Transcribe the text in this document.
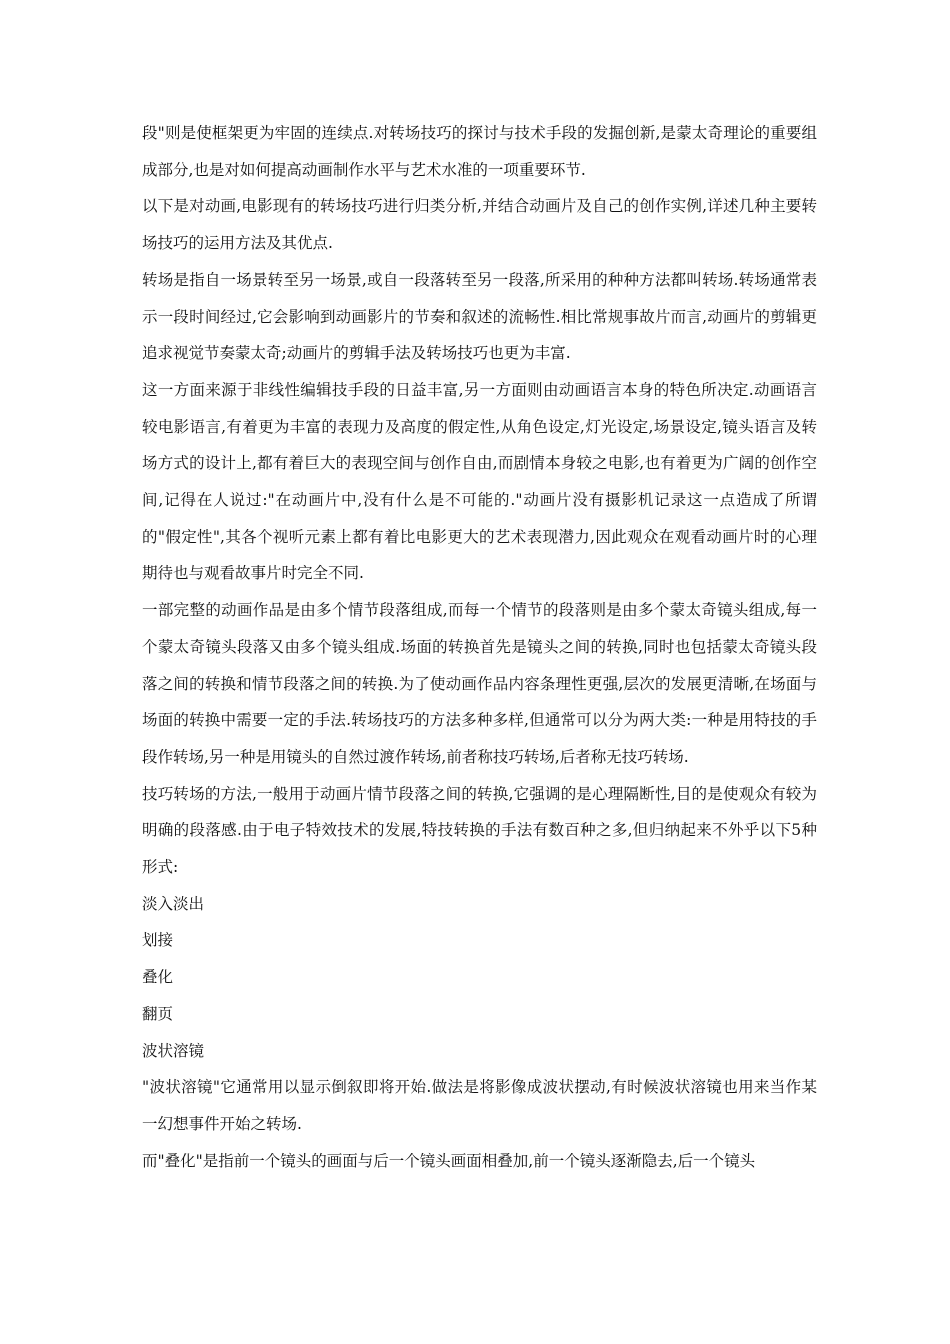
段"则是使框架更为牢固的连续点.对转场技巧的探讨与技术手段的发掘创新,是蒙太奇理论的重要组成部分,也是对如何提高动画制作水平与艺术水准的一项重要环节.

以下是对动画,电影现有的转场技巧进行归类分析,并结合动画片及自己的创作实例,详述几种主要转场技巧的运用方法及其优点.

转场是指自一场景转至另一场景,或自一段落转至另一段落,所采用的种种方法都叫转场.转场通常表示一段时间经过,它会影响到动画影片的节奏和叙述的流畅性.相比常规事故片而言,动画片的剪辑更追求视觉节奏蒙太奇;动画片的剪辑手法及转场技巧也更为丰富.

这一方面来源于非线性编辑技手段的日益丰富,另一方面则由动画语言本身的特色所决定.动画语言较电影语言,有着更为丰富的表现力及高度的假定性,从角色设定,灯光设定,场景设定,镜头语言及转场方式的设计上,都有着巨大的表现空间与创作自由,而剧情本身较之电影,也有着更为广阔的创作空间,记得在人说过:"在动画片中,没有什么是不可能的."动画片没有摄影机记录这一点造成了所谓的"假定性",其各个视听元素上都有着比电影更大的艺术表现潜力,因此观众在观看动画片时的心理期待也与观看故事片时完全不同.

一部完整的动画作品是由多个情节段落组成,而每一个情节的段落则是由多个蒙太奇镜头组成,每一个蒙太奇镜头段落又由多个镜头组成.场面的转换首先是镜头之间的转换,同时也包括蒙太奇镜头段落之间的转换和情节段落之间的转换.为了使动画作品内容条理性更强,层次的发展更清晰,在场面与场面的转换中需要一定的手法.转场技巧的方法多种多样,但通常可以分为两大类:一种是用特技的手段作转场,另一种是用镜头的自然过渡作转场,前者称技巧转场,后者称无技巧转场.

技巧转场的方法,一般用于动画片情节段落之间的转换,它强调的是心理隔断性,目的是使观众有较为明确的段落感.由于电子特效技术的发展,特技转换的手法有数百种之多,但归纳起来不外乎以下5种形式:

淡入淡出

划接

叠化

翻页

波状溶镜

"波状溶镜"它通常用以显示倒叙即将开始.做法是将影像成波状摆动,有时候波状溶镜也用来当作某一幻想事件开始之转场.

而"叠化"是指前一个镜头的画面与后一个镜头画面相叠加,前一个镜头逐渐隐去,后一个镜头
